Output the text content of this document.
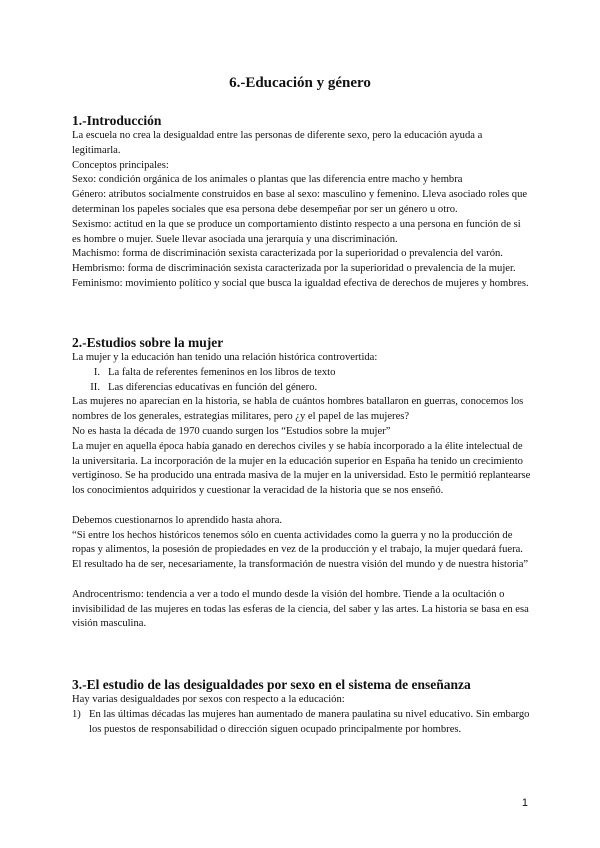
6.-Educación y género
1.-Introducción

La escuela no crea la desigualdad entre las personas de diferente sexo, pero la educación ayuda a legitimarla.

Conceptos principales:

Sexo: condición orgánica de los animales o plantas que las diferencia entre macho y hembra

Género: atributos socialmente construidos en base al sexo: masculino y femenino. Lleva asociado roles que determinan los papeles sociales que esa persona debe desempeñar por ser un género u otro.

Sexismo: actitud en la que se produce un comportamiento distinto respecto a una persona en función de si es hombre o mujer. Suele llevar asociada una jerarquía y una discriminación.

Machismo: forma de discriminación sexista caracterizada por la superioridad o prevalencia del varón.

Hembrismo: forma de discriminación sexista caracterizada por la superioridad o prevalencia de la mujer.

Feminismo: movimiento político y social que busca la igualdad efectiva de derechos de mujeres y hombres.

2.-Estudios sobre la mujer

La mujer y la educación han tenido una relación histórica controvertida:

I. La falta de referentes femeninos en los libros de texto
II. Las diferencias educativas en función del género.

Las mujeres no aparecían en la historia, se habla de cuántos hombres batallaron en guerras, conocemos los nombres de los generales, estrategias militares, pero ¿y el papel de las mujeres?

No es hasta la década de 1970 cuando surgen los “Estudios sobre la mujer”

La mujer en aquella época había ganado en derechos civiles y se había incorporado a la élite intelectual de la universitaria. La incorporación de la mujer en la educación superior en España ha tenido un crecimiento vertiginoso. Se ha producido una entrada masiva de la mujer en la universidad. Esto le permitió replantearse los conocimientos adquiridos y cuestionar la veracidad de la historia que se nos enseñó.

Debemos cuestionarnos lo aprendido hasta ahora.

“Si entre los hechos históricos tenemos sólo en cuenta actividades como la guerra y no la producción de ropas y alimentos, la posesión de propiedades en vez de la producción y el trabajo, la mujer quedará fuera. El resultado ha de ser, necesariamente, la transformación de nuestra visión del mundo y de nuestra historia”

Androcentrismo: tendencia a ver a todo el mundo desde la visión del hombre. Tiende a la ocultación o invisibilidad de las mujeres en todas las esferas de la ciencia, del saber y las artes. La historia se basa en esa visión masculina.

3.-El estudio de las desigualdades por sexo en el sistema de enseñanza

Hay varias desigualdades por sexos con respecto a la educación:

1) En las últimas décadas las mujeres han aumentado de manera paulatina su nivel educativo. Sin embargo los puestos de responsabilidad o dirección siguen ocupado principalmente por hombres.
1
